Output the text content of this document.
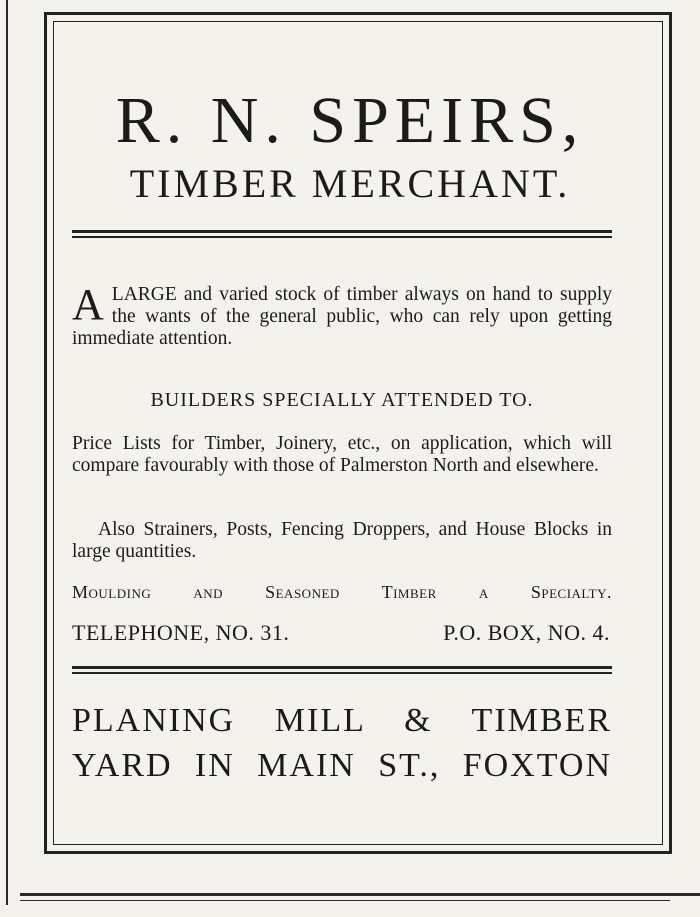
R. N. SPEIRS,
TIMBER MERCHANT.
ALARGE and varied stock of timber always on hand to supply the wants of the general public, who can rely upon getting immediate attention.
BUILDERS SPECIALLY ATTENDED TO.
Price Lists for Timber, Joinery, etc., on application, which will compare favourably with those of Palmerston North and elsewhere.
Also Strainers, Posts, Fencing Droppers, and House Blocks in large quantities.
Moulding and Seasoned Timber a Specialty.
TELEPHONE, NO. 31.	P.O. BOX, NO. 4.
PLANING MILL & TIMBER
YARD IN MAIN ST., FOXTON
